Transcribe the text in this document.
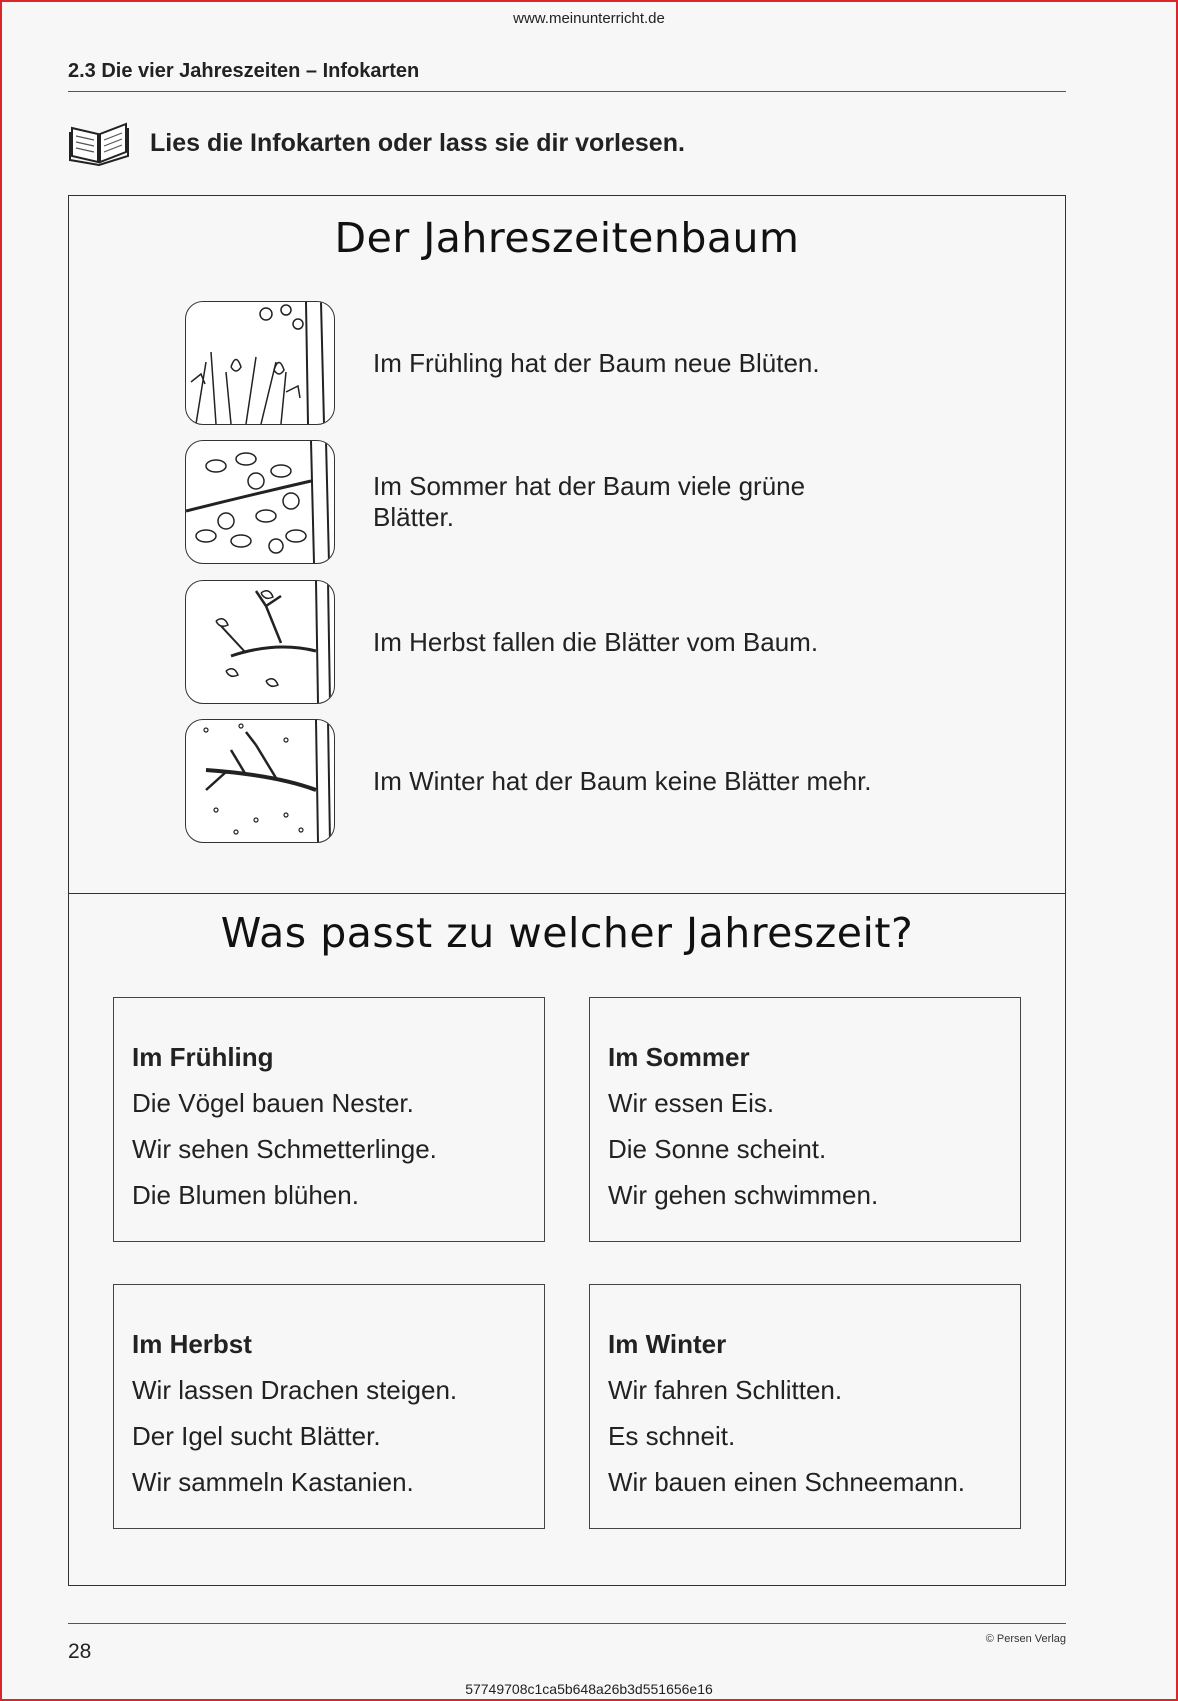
www.meinunterricht.de
2.3 Die vier Jahreszeiten – Infokarten
Lies die Infokarten oder lass sie dir vorlesen.
Der Jahreszeitenbaum
Im Frühling hat der Baum neue Blüten.
Im Sommer hat der Baum viele grüne Blätter.
Im Herbst fallen die Blätter vom Baum.
Im Winter hat der Baum keine Blätter mehr.
Was passt zu welcher Jahreszeit?
Im Frühling
Die Vögel bauen Nester.
Wir sehen Schmetterlinge.
Die Blumen blühen.
Im Sommer
Wir essen Eis.
Die Sonne scheint.
Wir gehen schwimmen.
Im Herbst
Wir lassen Drachen steigen.
Der Igel sucht Blätter.
Wir sammeln Kastanien.
Im Winter
Wir fahren Schlitten.
Es schneit.
Wir bauen einen Schneemann.
28
© Persen Verlag
57749708c1ca5b648a26b3d551656e16
